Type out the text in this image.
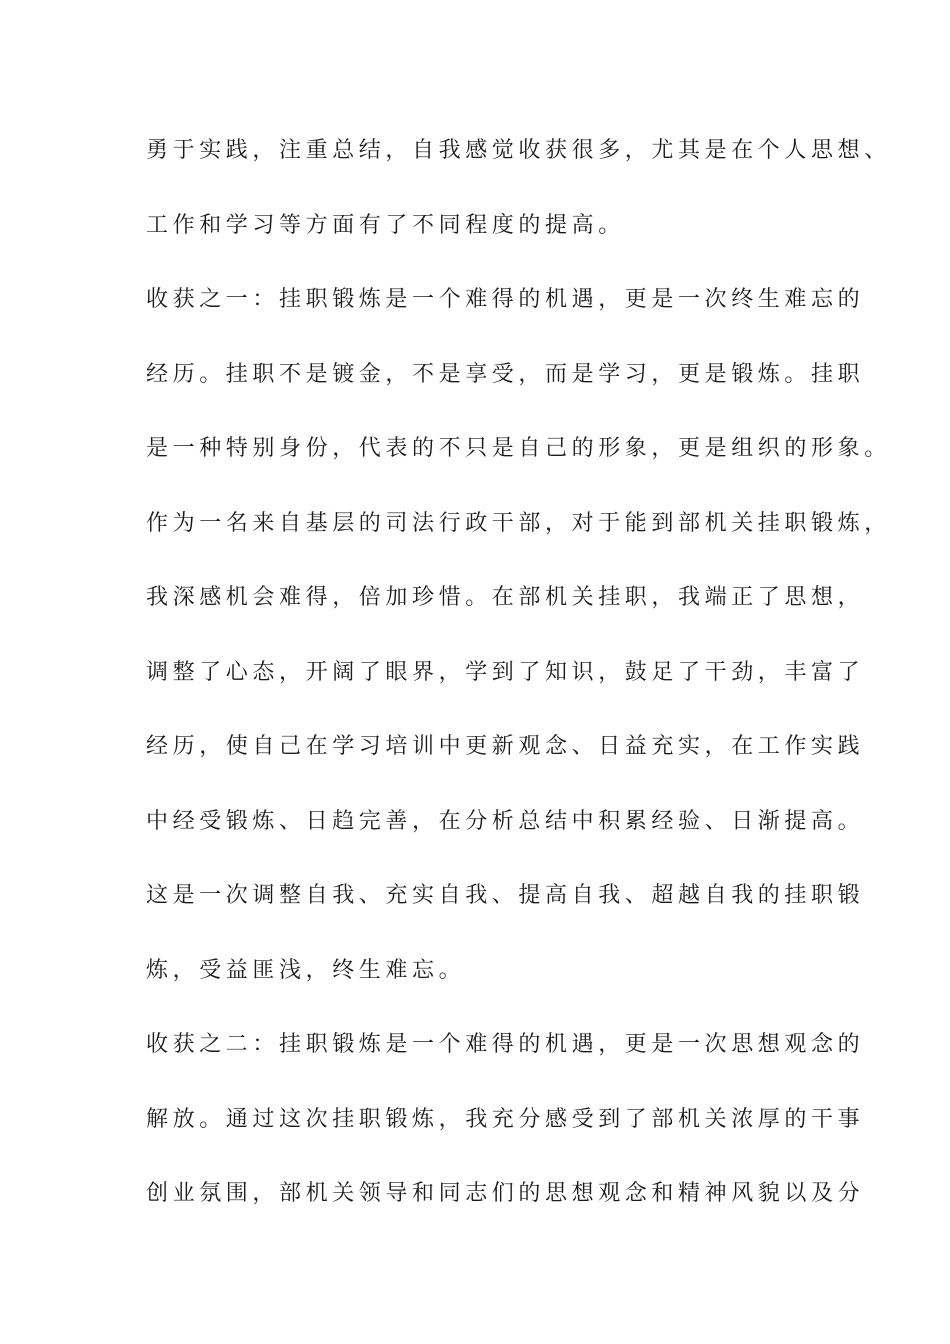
勇于实践，注重总结，自我感觉收获很多，尤其是在个人思想、
工作和学习等方面有了不同程度的提高。
收获之一：挂职锻炼是一个难得的机遇，更是一次终生难忘的
经历。挂职不是镀金，不是享受，而是学习，更是锻炼。挂职
是一种特别身份，代表的不只是自己的形象，更是组织的形象。
作为一名来自基层的司法行政干部，对于能到部机关挂职锻炼，
我深感机会难得，倍加珍惜。在部机关挂职，我端正了思想，
调整了心态，开阔了眼界，学到了知识，鼓足了干劲，丰富了
经历，使自己在学习培训中更新观念、日益充实，在工作实践
中经受锻炼、日趋完善，在分析总结中积累经验、日渐提高。
这是一次调整自我、充实自我、提高自我、超越自我的挂职锻
炼，受益匪浅，终生难忘。
收获之二：挂职锻炼是一个难得的机遇，更是一次思想观念的
解放。通过这次挂职锻炼，我充分感受到了部机关浓厚的干事
创业氛围，部机关领导和同志们的思想观念和精神风貌以及分
